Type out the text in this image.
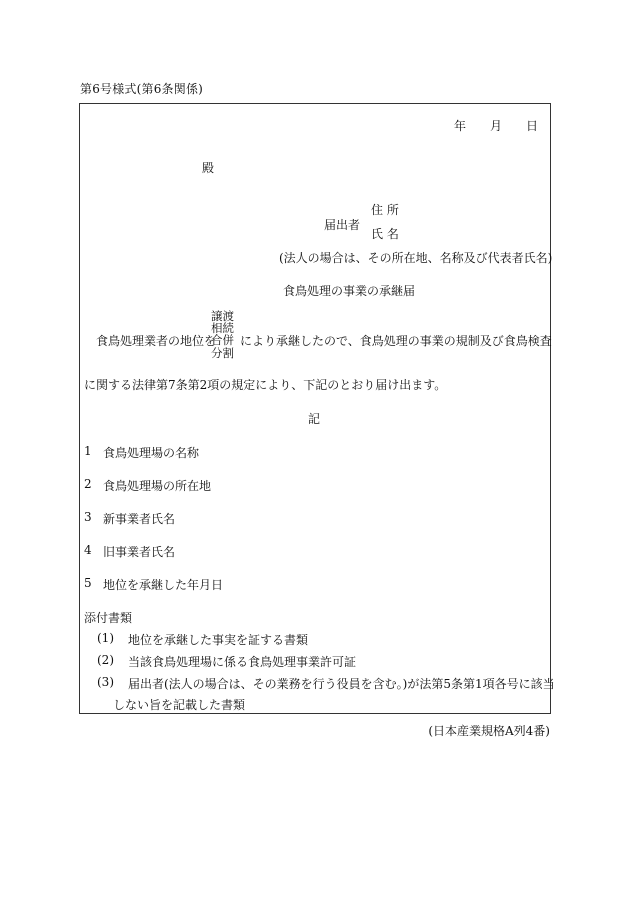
第6号様式(第6条関係)
年 月 日
殿
届出者
住 所
氏 名
(法人の場合は、その所在地、名称及び代表者氏名)
食鳥処理の事業の承継届
食鳥処理業者の地位を により承継したので、食鳥処理の事業の規制及び食鳥検査
に関する法律第7条第2項の規定により、下記のとおり届け出ます。
記
1 食鳥処理場の名称
2 食鳥処理場の所在地
3 新事業者氏名
4 旧事業者氏名
5 地位を承継した年月日
添付書類
(1) 地位を承継した事実を証する書類
(2) 当該食鳥処理場に係る食鳥処理事業許可証
(3) 届出者(法人の場合は、その業務を行う役員を含む。)が法第5条第1項各号に該当
しない旨を記載した書類
譲渡
相続
合併
分割
(日本産業規格A列4番)
